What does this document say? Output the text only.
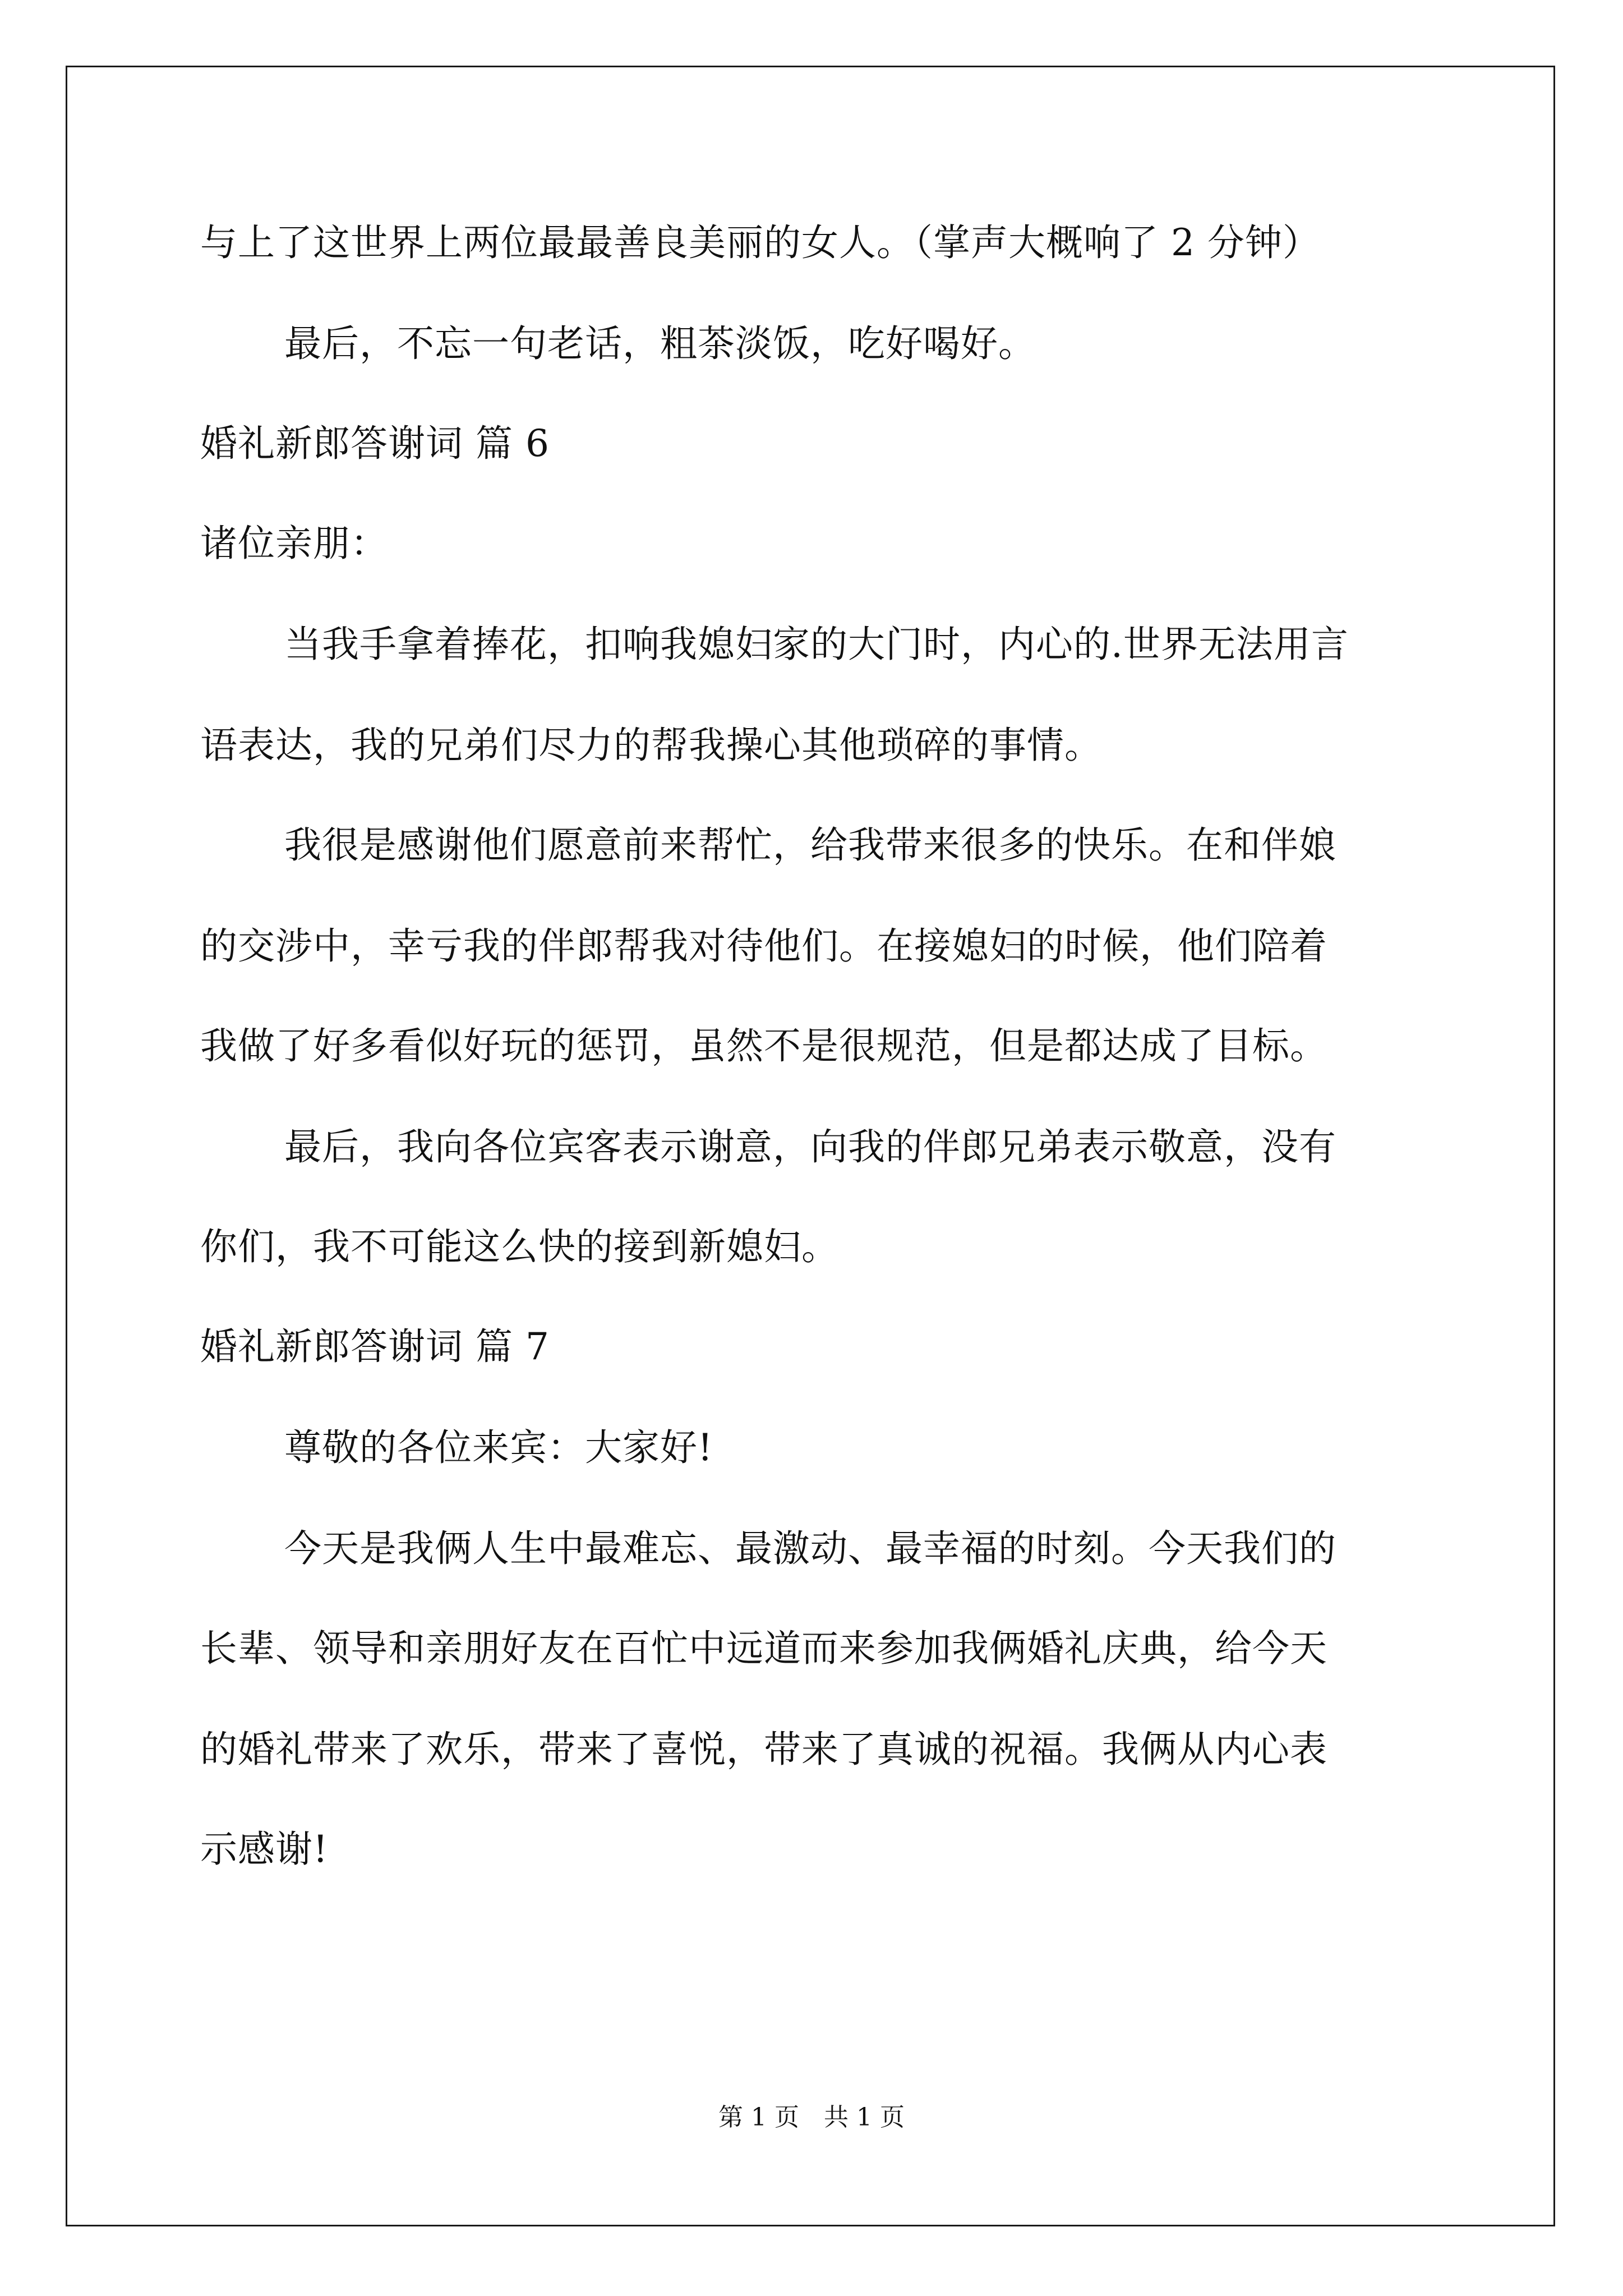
与上了这世界上两位最最善良美丽的女人。（掌声大概响了 2 分钟）
最后，不忘一句老话，粗茶淡饭，吃好喝好。
婚礼新郎答谢词 篇 6
诸位亲朋：
当我手拿着捧花，扣响我媳妇家的大门时，内心的.世界无法用言
语表达，我的兄弟们尽力的帮我操心其他琐碎的事情。
我很是感谢他们愿意前来帮忙，给我带来很多的快乐。在和伴娘
的交涉中，幸亏我的伴郎帮我对待他们。在接媳妇的时候，他们陪着
我做了好多看似好玩的惩罚，虽然不是很规范，但是都达成了目标。
最后，我向各位宾客表示谢意，向我的伴郎兄弟表示敬意，没有
你们，我不可能这么快的接到新媳妇。
婚礼新郎答谢词 篇 7
尊敬的各位来宾：大家好!
今天是我俩人生中最难忘、最激动、最幸福的时刻。今天我们的
长辈、领导和亲朋好友在百忙中远道而来参加我俩婚礼庆典，给今天
的婚礼带来了欢乐，带来了喜悦，带来了真诚的祝福。我俩从内心表
示感谢!
第 1 页　共 1 页
